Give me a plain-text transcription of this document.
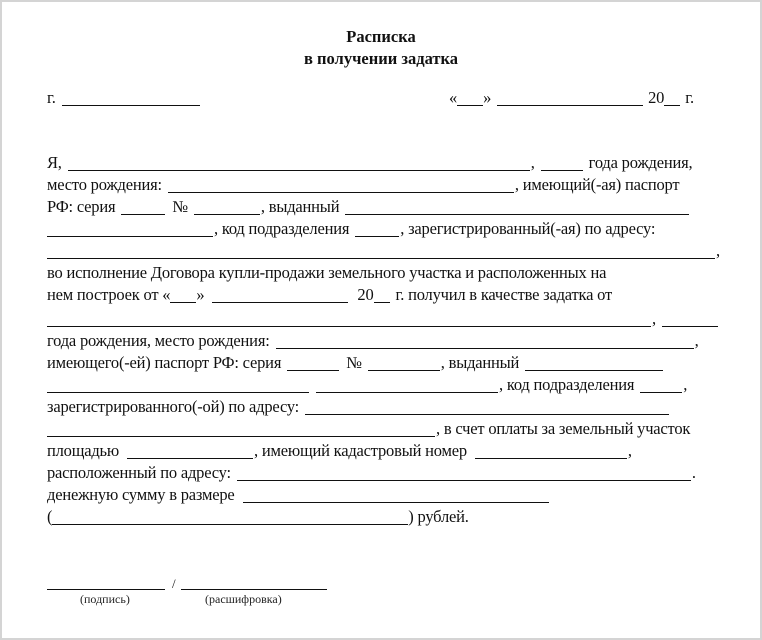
Расписка
в получении задатка
г.	« »	20 г.
Я,	,	года рождения,
место рождения:	, имеющий(-ая) паспорт
РФ: серия	№	, выданный
, код подразделения	, зарегистрированный(-ая) по адресу:
,
во исполнение Договора купли-продажи земельного участка и расположенных на
нем построек от « »	20 г. получил в качестве задатка от
,
года рождения, место рождения:	,
имеющего(-ей) паспорт РФ: серия	№	, выданный
, код подразделения	,
зарегистрированного(-ой) по адресу:
, в счет оплаты за земельный участок
площадью	, имеющий кадастровый номер	,
расположенный по адресу:	.
денежную сумму в размере
(	) рублей.
/
(подпись)	(расшифровка)
